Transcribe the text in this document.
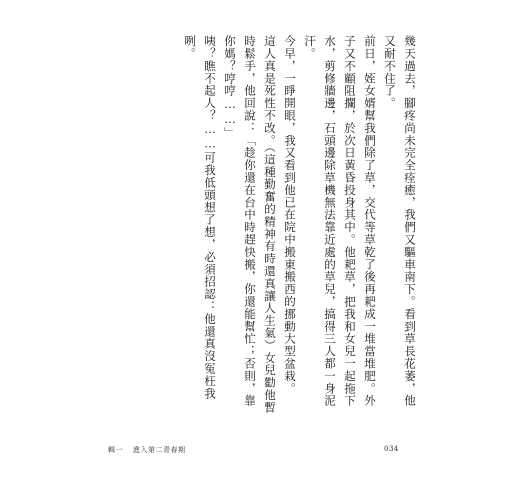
幾天過去，腳疼尚未完全痊癒，我們又驅車南下。看到草長花萎，他又耐不住了。

前日，姪女婿幫我們除了草，交代等草乾了後再耙成一堆當堆肥。外子又不顧阻攔，於次日黃昏投身其中。他耙草，把我和女兒一起拖下水，剪修牆邊，石頭邊除草機無法靠近處的草兒，搞得三人都一身泥汗。

今早，一睜開眼，我又看到他已在院中搬東搬西的挪動大型盆栽。

這人真是死性不改。（這種勤奮的精神有時還真讓人生氣）女兒勸他暫時鬆手，他回說：「趁你還在台中時趕快搬，你還能幫忙；否則，靠你媽？哼哼……」

咦？瞧不起人？……可我低頭想了想，必須招認：他還真沒冤枉我咧。

輯一 進入第二青春期	034
